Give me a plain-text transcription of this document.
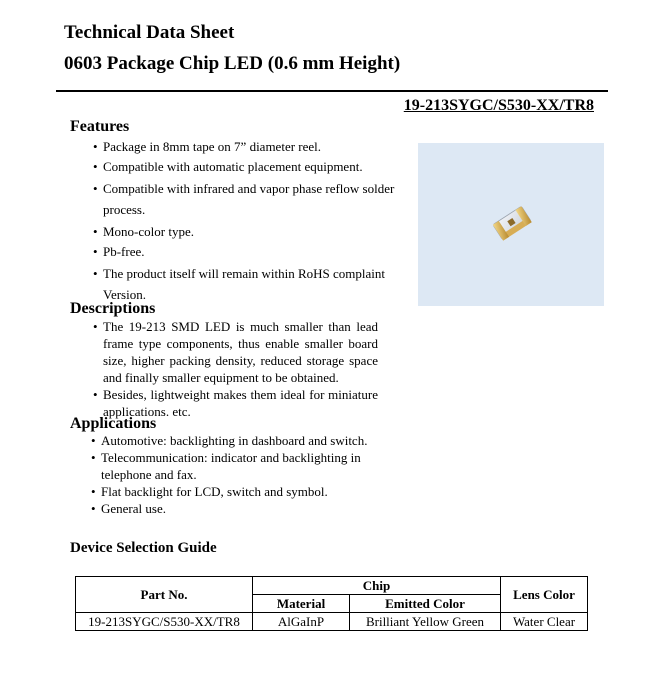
Technical Data Sheet
0603 Package Chip LED (0.6 mm Height)
19-213SYGC/S530-XX/TR8
Features
• Package in 8mm tape on 7” diameter reel.
• Compatible with automatic placement equipment.
• Compatible with infrared and vapor phase reflow solder process.
• Mono-color type.
• Pb-free.
• The product itself will remain within RoHS complaint Version.
Descriptions
• The 19-213 SMD LED is much smaller than lead frame type components, thus enable smaller board size, higher packing density, reduced storage space and finally smaller equipment to be obtained.
• Besides, lightweight makes them ideal for miniature applications. etc.
Applications
• Automotive: backlighting in dashboard and switch.
• Telecommunication: indicator and backlighting in telephone and fax.
• Flat backlight for LCD, switch and symbol.
• General use.
Device Selection Guide
Part No.	Chip		Lens Color
	Material	Emitted Color	
19-213SYGC/S530-XX/TR8	AlGaInP	Brilliant Yellow Green	Water Clear
